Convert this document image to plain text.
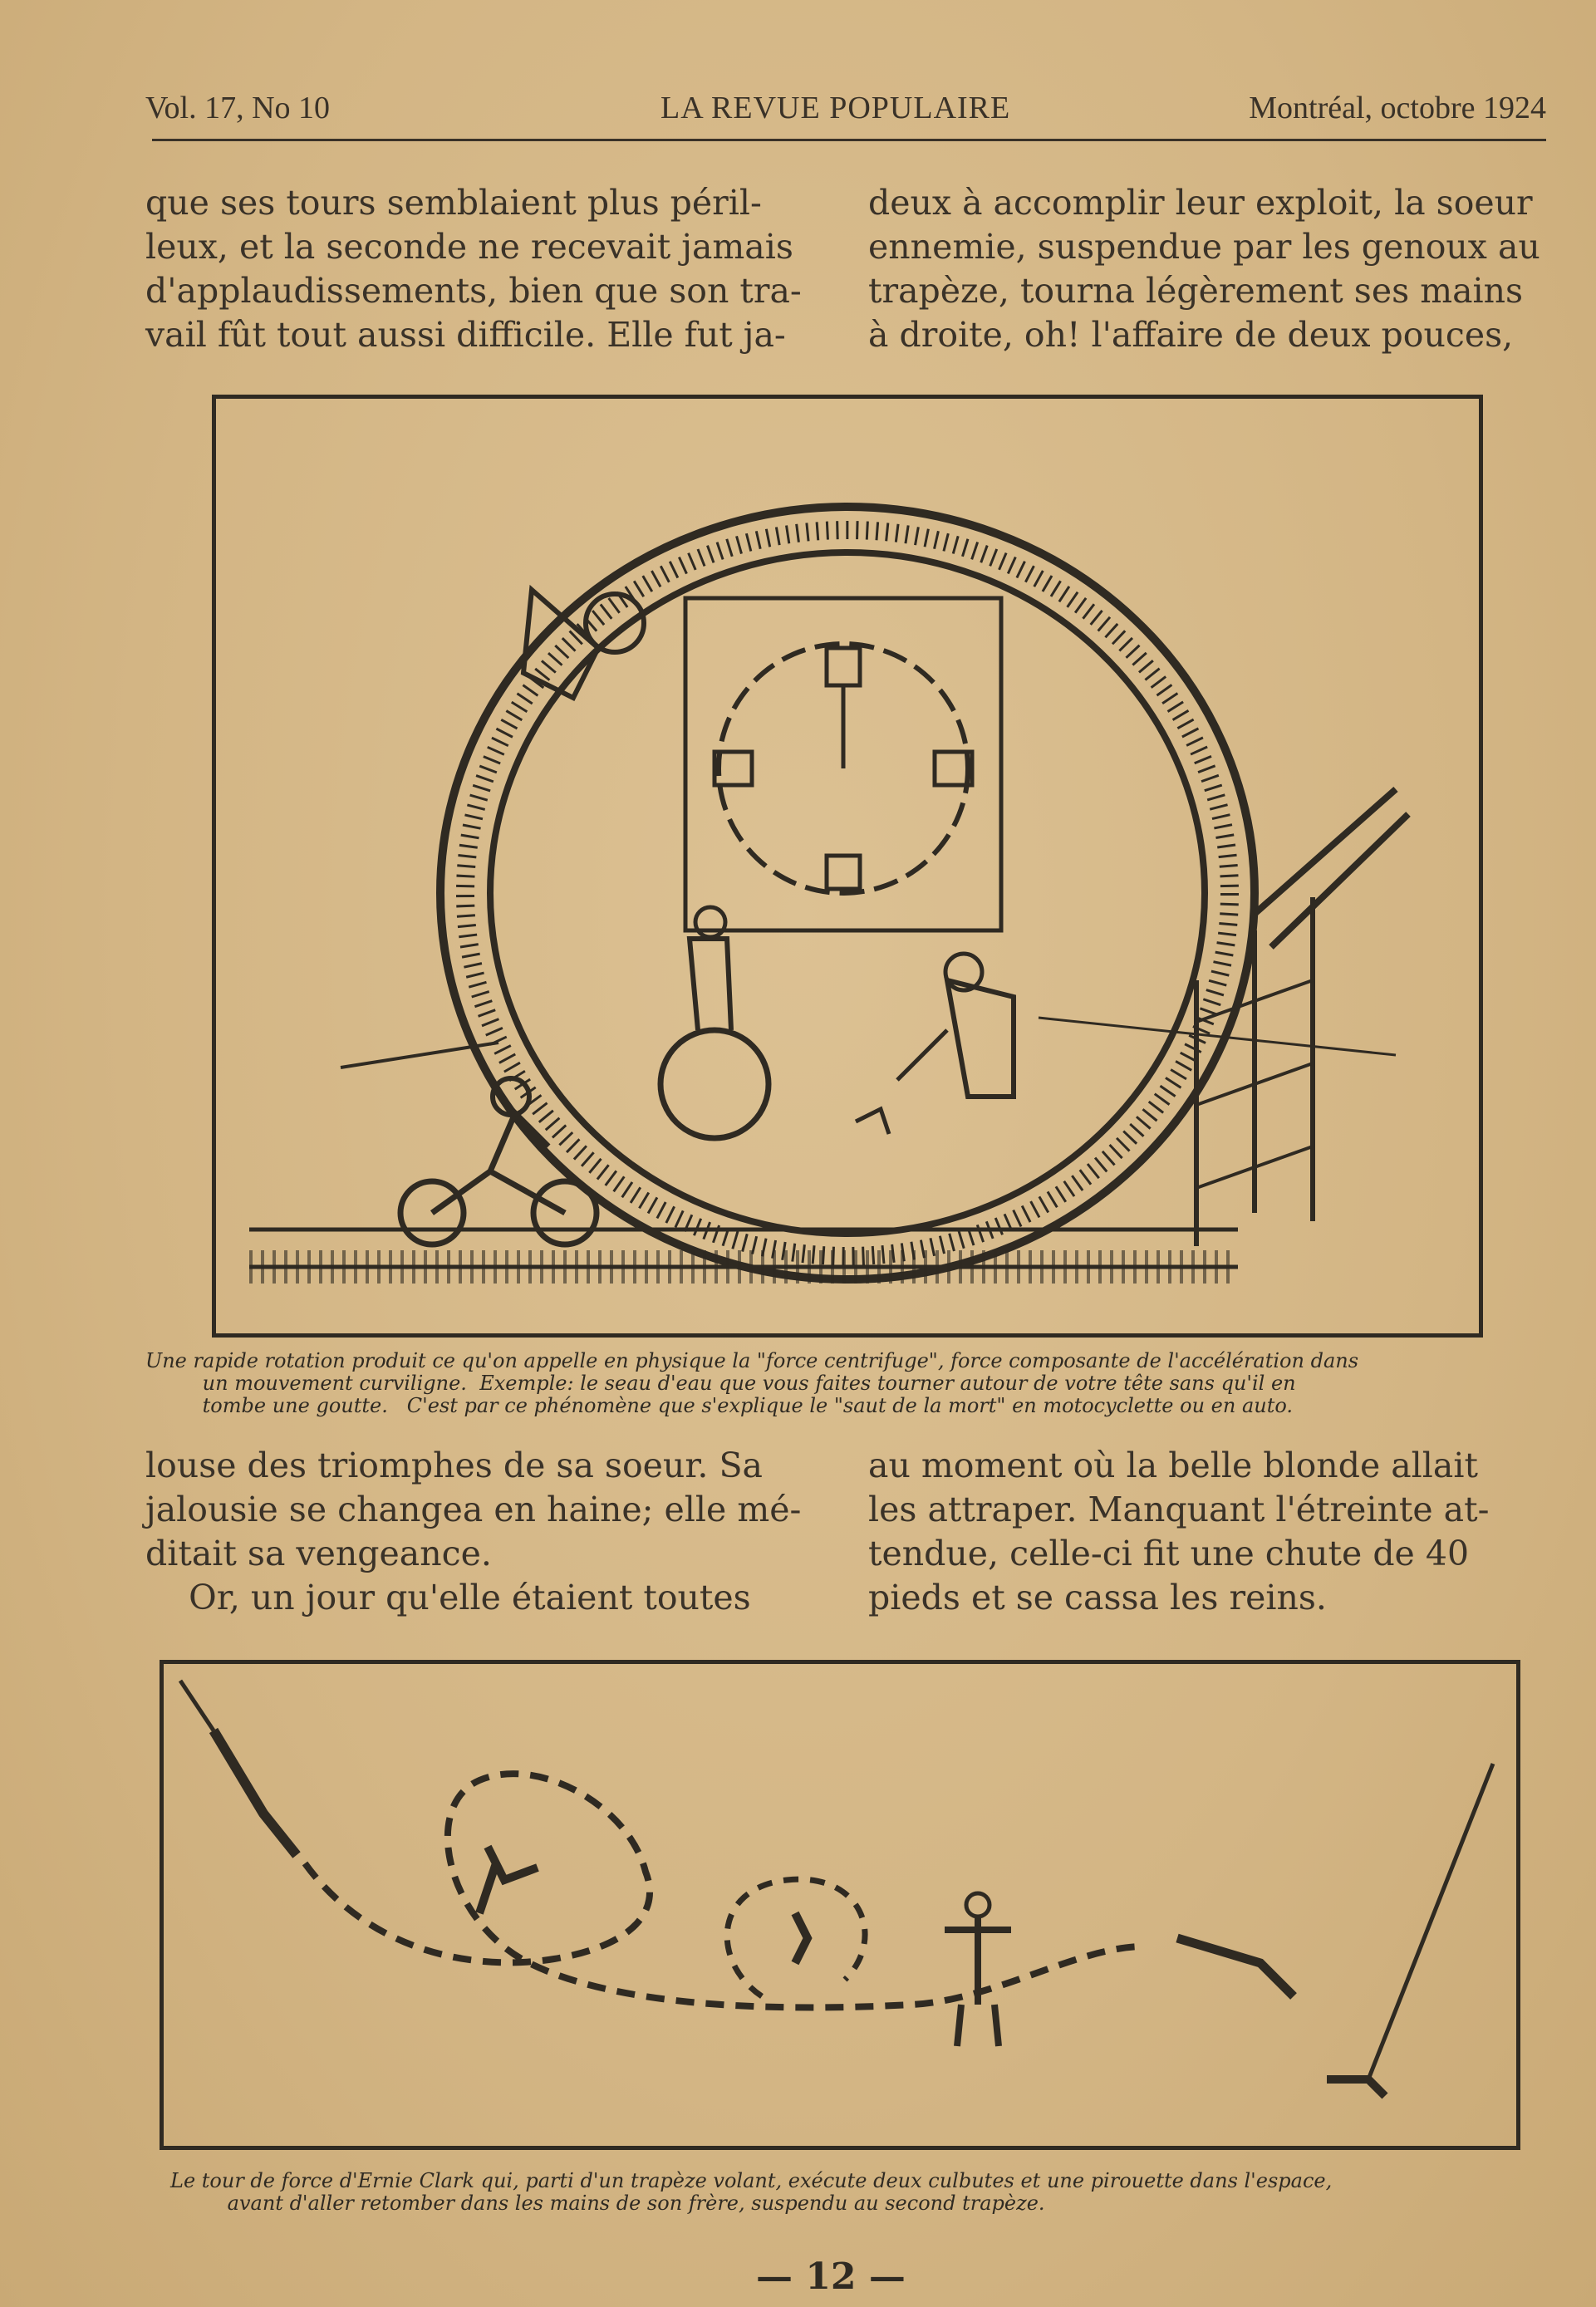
Vol. 17, No 10	LA REVUE POPULAIRE	Montréal, octobre 1924

que ses tours semblaient plus péril-

leux, et la seconde ne recevait jamais

d'applaudissements, bien que son tra-

vail fût tout aussi difficile. Elle fut ja-

deux à accomplir leur exploit, la soeur

ennemie, suspendue par les genoux au

trapèze, tourna légèrement ses mains

à droite, oh! l'affaire de deux pouces,

Une rapide rotation produit ce qu'on appelle en physique la "force centrifuge", force composante de l'accélération dans

un mouvement curviligne.  Exemple: le seau d'eau que vous faites tourner autour de votre tête sans qu'il en

tombe une goutte.   C'est par ce phénomène que s'explique le "saut de la mort" en motocyclette ou en auto.

louse des triomphes de sa soeur. Sa

jalousie se changea en haine; elle mé-

ditait sa vengeance.

Or, un jour qu'elle étaient toutes

au moment où la belle blonde allait

les attraper. Manquant l'étreinte at-

tendue, celle-ci fit une chute de 40

pieds et se cassa les reins.

Le tour de force d'Ernie Clark qui, parti d'un trapèze volant, exécute deux culbutes et une pirouette dans l'espace,

avant d'aller retomber dans les mains de son frère, suspendu au second trapèze.

— 12 —
